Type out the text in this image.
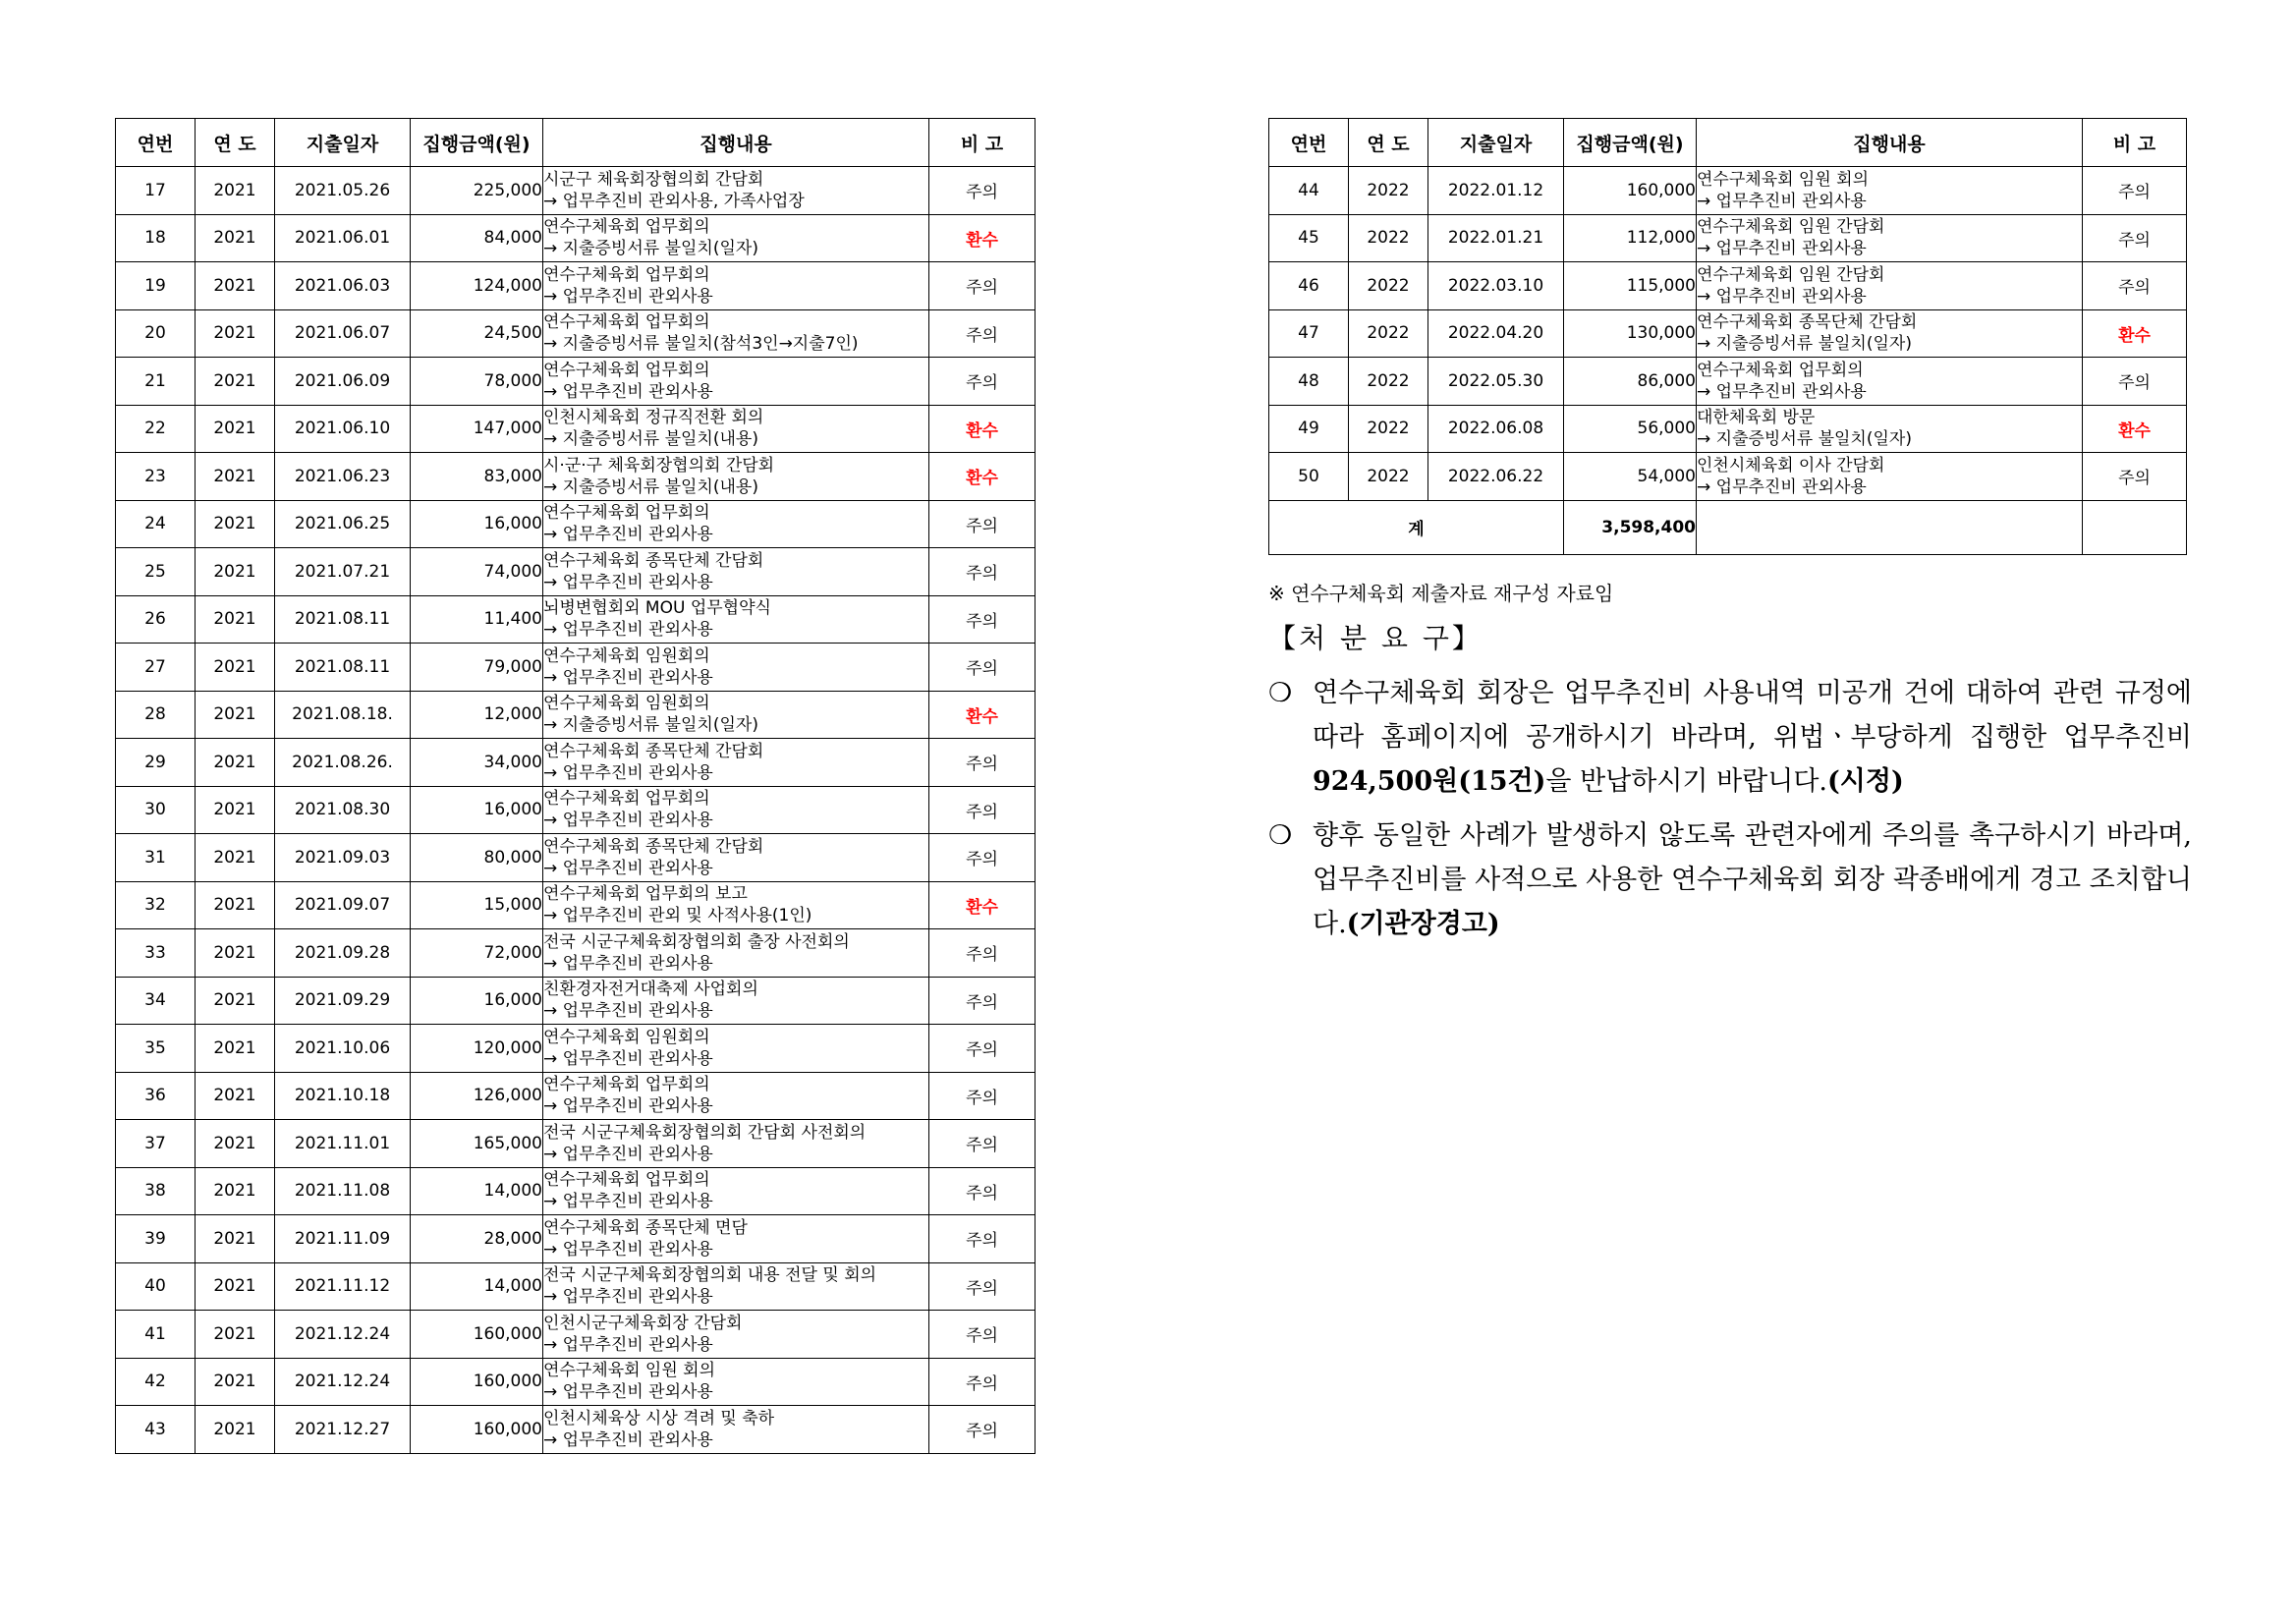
연번	연 도	지출일자	집행금액(원)	집행내용	비 고
17	2021	2021.05.26	225,000	시군구 체육회장협의회 간담회
→ 업무추진비 관외사용, 가족사업장	주의
18	2021	2021.06.01	84,000	연수구체육회 업무회의
→ 지출증빙서류 불일치(일자)	환수
19	2021	2021.06.03	124,000	연수구체육회 업무회의
→ 업무추진비 관외사용	주의
20	2021	2021.06.07	24,500	연수구체육회 업무회의
→ 지출증빙서류 불일치(참석3인→지출7인)	주의
21	2021	2021.06.09	78,000	연수구체육회 업무회의
→ 업무추진비 관외사용	주의
22	2021	2021.06.10	147,000	인천시체육회 정규직전환 회의
→ 지출증빙서류 불일치(내용)	환수
23	2021	2021.06.23	83,000	시·군·구 체육회장협의회 간담회
→ 지출증빙서류 불일치(내용)	환수
24	2021	2021.06.25	16,000	연수구체육회 업무회의
→ 업무추진비 관외사용	주의
25	2021	2021.07.21	74,000	연수구체육회 종목단체 간담회
→ 업무추진비 관외사용	주의
26	2021	2021.08.11	11,400	뇌병변협회외 MOU 업무협약식
→ 업무추진비 관외사용	주의
27	2021	2021.08.11	79,000	연수구체육회 임원회의
→ 업무추진비 관외사용	주의
28	2021	2021.08.18.	12,000	연수구체육회 임원회의
→ 지출증빙서류 불일치(일자)	환수
29	2021	2021.08.26.	34,000	연수구체육회 종목단체 간담회
→ 업무추진비 관외사용	주의
30	2021	2021.08.30	16,000	연수구체육회 업무회의
→ 업무추진비 관외사용	주의
31	2021	2021.09.03	80,000	연수구체육회 종목단체 간담회
→ 업무추진비 관외사용	주의
32	2021	2021.09.07	15,000	연수구체육회 업무회의 보고
→ 업무추진비 관외 및 사적사용(1인)	환수
33	2021	2021.09.28	72,000	전국 시군구체육회장협의회 출장 사전회의
→ 업무추진비 관외사용	주의
34	2021	2021.09.29	16,000	친환경자전거대축제 사업회의
→ 업무추진비 관외사용	주의
35	2021	2021.10.06	120,000	연수구체육회 임원회의
→ 업무추진비 관외사용	주의
36	2021	2021.10.18	126,000	연수구체육회 업무회의
→ 업무추진비 관외사용	주의
37	2021	2021.11.01	165,000	전국 시군구체육회장협의회 간담회 사전회의
→ 업무추진비 관외사용	주의
38	2021	2021.11.08	14,000	연수구체육회 업무회의
→ 업무추진비 관외사용	주의
39	2021	2021.11.09	28,000	연수구체육회 종목단체 면담
→ 업무추진비 관외사용	주의
40	2021	2021.11.12	14,000	전국 시군구체육회장협의회 내용 전달 및 회의
→ 업무추진비 관외사용	주의
41	2021	2021.12.24	160,000	인천시군구체육회장 간담회
→ 업무추진비 관외사용	주의
42	2021	2021.12.24	160,000	연수구체육회 임원 회의
→ 업무추진비 관외사용	주의
43	2021	2021.12.27	160,000	인천시체육상 시상 격려 및 축하
→ 업무추진비 관외사용	주의
연번	연 도	지출일자	집행금액(원)	집행내용	비 고
44	2022	2022.01.12	160,000	연수구체육회 임원 회의
→ 업무추진비 관외사용	주의
45	2022	2022.01.21	112,000	연수구체육회 임원 간담회
→ 업무추진비 관외사용	주의
46	2022	2022.03.10	115,000	연수구체육회 임원 간담회
→ 업무추진비 관외사용	주의
47	2022	2022.04.20	130,000	연수구체육회 종목단체 간담회
→ 지출증빙서류 불일치(일자)	환수
48	2022	2022.05.30	86,000	연수구체육회 업무회의
→ 업무추진비 관외사용	주의
49	2022	2022.06.08	56,000	대한체육회 방문
→ 지출증빙서류 불일치(일자)	환수
50	2022	2022.06.22	54,000	인천시체육회 이사 간담회
→ 업무추진비 관외사용	주의
계			3,598,400		
※ 연수구체육회 제출자료 재구성 자료임
【처 분 요 구】
❍ 연수구체육회 회장은 업무추진비 사용내역 미공개 건에 대하여 관련 규정에 따라 홈페이지에 공개하시기 바라며, 위법ㆍ부당하게 집행한 업무추진비 924,500원(15건)을 반납하시기 바랍니다.(시정)
❍ 향후 동일한 사례가 발생하지 않도록 관련자에게 주의를 촉구하시기 바라며, 업무추진비를 사적으로 사용한 연수구체육회 회장 곽종배에게 경고 조치합니다.(기관장경고)
